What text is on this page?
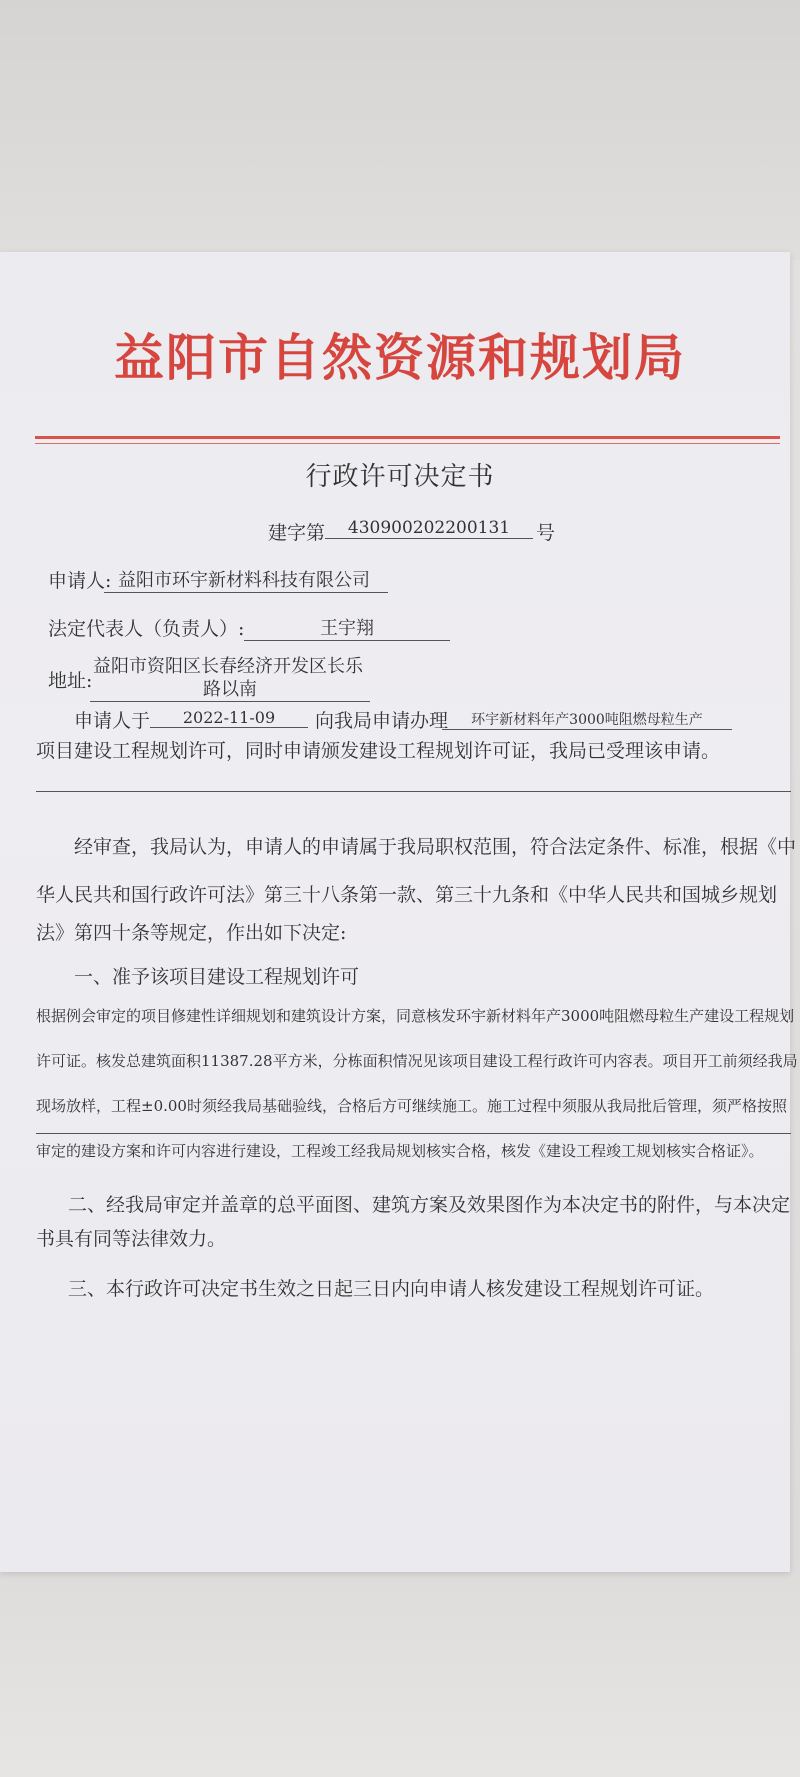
益阳市自然资源和规划局
行政许可决定书
建字第	430900202200131	号
申请人: 益阳市环宇新材料科技有限公司
法定代表人（负责人）:	王宇翔
地址:
益阳市资阳区长春经济开发区长乐
路以南
申请人于	2022-11-09	向我局申请办理	环宇新材料年产3000吨阻燃母粒生产
项目建设工程规划许可，同时申请颁发建设工程规划许可证，我局已受理该申请。
经审查，我局认为，申请人的申请属于我局职权范围，符合法定条件、标准，根据《中
华人民共和国行政许可法》第三十八条第一款、第三十九条和《中华人民共和国城乡规划
法》第四十条等规定，作出如下决定:
一、准予该项目建设工程规划许可
根据例会审定的项目修建性详细规划和建筑设计方案，同意核发环宇新材料年产3000吨阻燃母粒生产建设工程规划
许可证。核发总建筑面积11387.28平方米，分栋面积情况见该项目建设工程行政许可内容表。项目开工前须经我局
现场放样，工程±0.00时须经我局基础验线，合格后方可继续施工。施工过程中须服从我局批后管理，须严格按照
审定的建设方案和许可内容进行建设，工程竣工经我局规划核实合格，核发《建设工程竣工规划核实合格证》。
二、经我局审定并盖章的总平面图、建筑方案及效果图作为本决定书的附件，与本决定
书具有同等法律效力。
三、本行政许可决定书生效之日起三日内向申请人核发建设工程规划许可证。
